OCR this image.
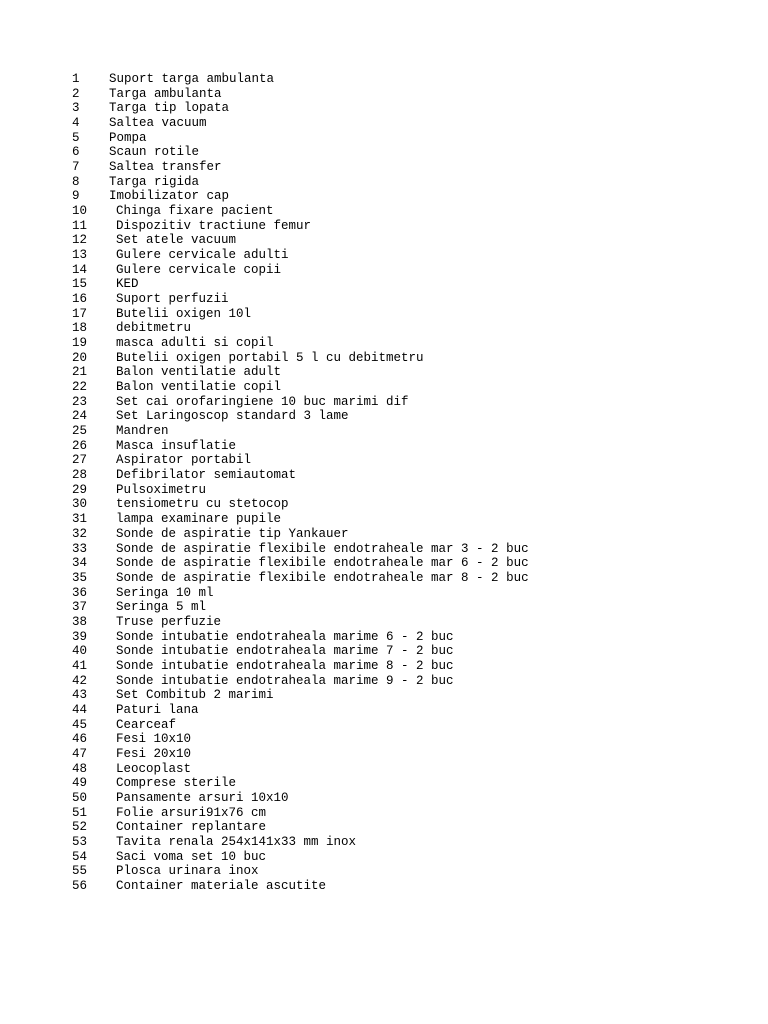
1	Suport targa ambulanta
2	Targa ambulanta
3	Targa tip lopata
4	Saltea vacuum
5	Pompa
6	Scaun rotile
7	Saltea transfer
8	Targa rigida
9	Imobilizator cap
10	Chinga fixare pacient
11	Dispozitiv tractiune femur
12	Set atele vacuum
13	Gulere cervicale adulti
14	Gulere cervicale copii
15	KED
16	Suport perfuzii
17	Butelii oxigen 10l
18	debitmetru
19	masca adulti si copil
20	Butelii oxigen portabil 5 l cu debitmetru
21	Balon ventilatie adult
22	Balon ventilatie copil
23	Set cai orofaringiene 10 buc marimi dif
24	Set Laringoscop standard 3 lame
25	Mandren
26	Masca insuflatie
27	Aspirator portabil
28	Defibrilator semiautomat
29	Pulsoximetru
30	tensiometru cu stetocop
31	lampa examinare pupile
32	Sonde de aspiratie tip Yankauer
33	Sonde de aspiratie flexibile endotraheale mar 3 - 2 buc
34	Sonde de aspiratie flexibile endotraheale mar 6 - 2 buc
35	Sonde de aspiratie flexibile endotraheale mar 8 - 2 buc
36	Seringa 10 ml
37	Seringa 5 ml
38	Truse perfuzie
39	Sonde intubatie endotraheala marime 6 - 2 buc
40	Sonde intubatie endotraheala marime 7 - 2 buc
41	Sonde intubatie endotraheala marime 8 - 2 buc
42	Sonde intubatie endotraheala marime 9 - 2 buc
43	Set Combitub 2 marimi
44	Paturi lana
45	Cearceaf
46	Fesi 10x10
47	Fesi 20x10
48	Leocoplast
49	Comprese sterile
50	Pansamente arsuri 10x10
51	Folie arsuri91x76 cm
52	Container replantare
53	Tavita renala 254x141x33 mm inox
54	Saci voma set 10 buc
55	Plosca urinara inox
56	Container materiale ascutite
